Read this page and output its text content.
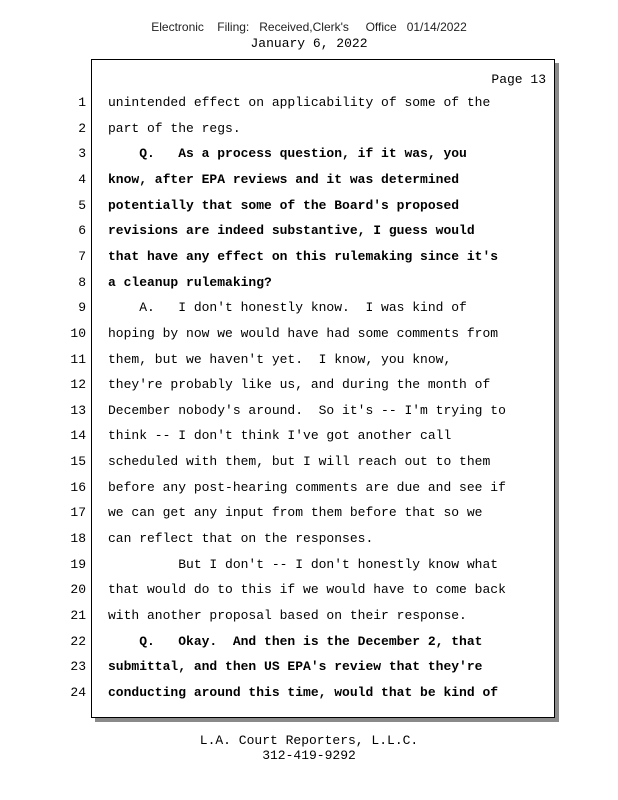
Electronic    Filing:   Received,Clerk's     Office   01/14/2022
January 6, 2022
Page 13
1 unintended effect on applicability of some of the
2 part of the regs.
3 Q.   As a process question, if it was, you
4 know, after EPA reviews and it was determined
5 potentially that some of the Board's proposed
6 revisions are indeed substantive, I guess would
7 that have any effect on this rulemaking since it's
8 a cleanup rulemaking?
9 A.   I don't honestly know.  I was kind of
10 hoping by now we would have had some comments from
11 them, but we haven't yet.  I know, you know,
12 they're probably like us, and during the month of
13 December nobody's around.  So it's -- I'm trying to
14 think -- I don't think I've got another call
15 scheduled with them, but I will reach out to them
16 before any post-hearing comments are due and see if
17 we can get any input from them before that so we
18 can reflect that on the responses.
19 But I don't -- I don't honestly know what
20 that would do to this if we would have to come back
21 with another proposal based on their response.
22 Q.   Okay.  And then is the December 2, that
23 submittal, and then US EPA's review that they're
24 conducting around this time, would that be kind of
L.A. Court Reporters, L.L.C.
312-419-9292
